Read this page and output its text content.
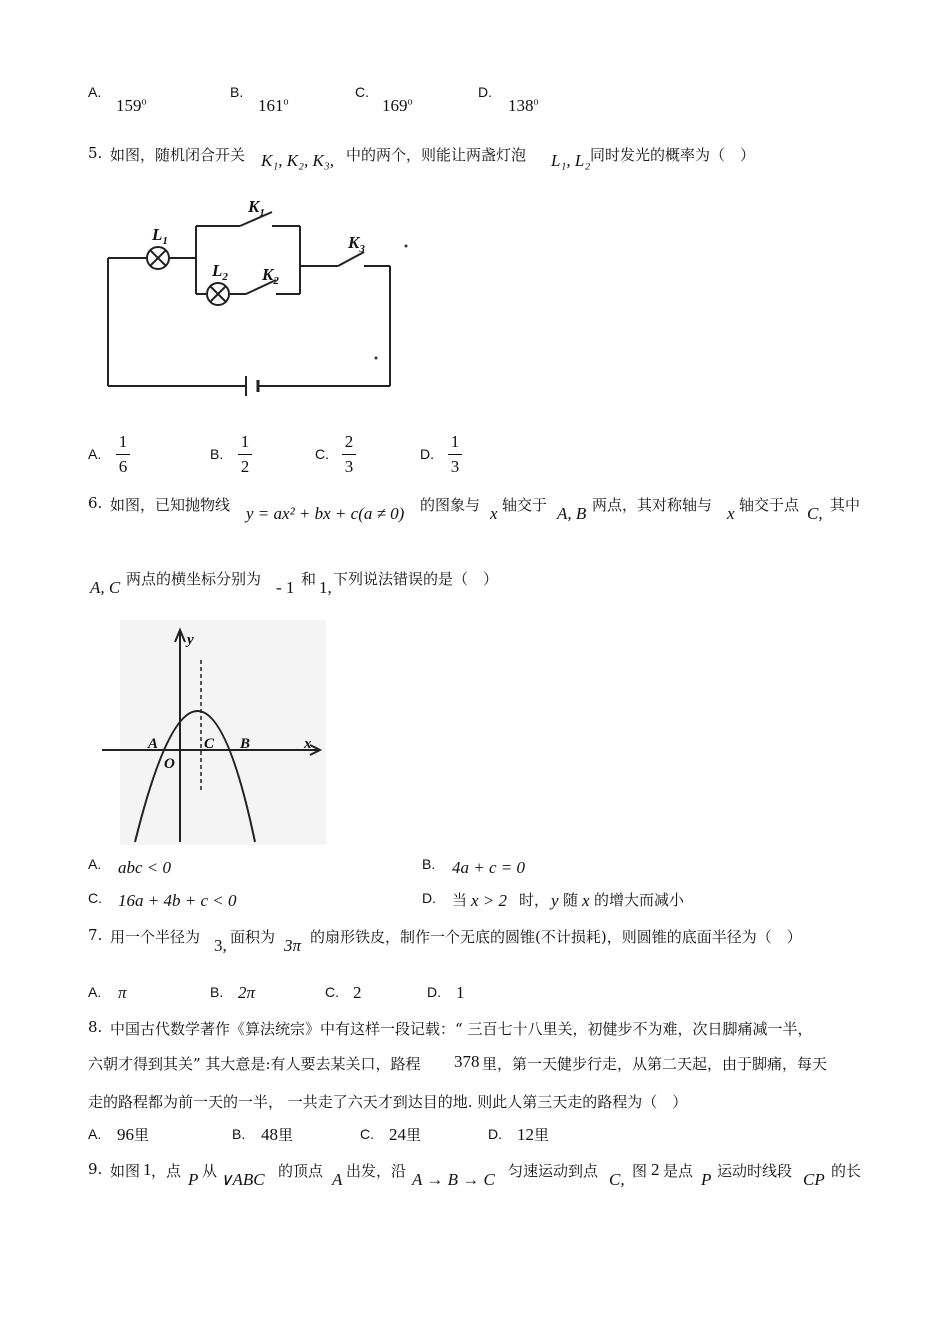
A.
159$^o$
B.
161$^o$
C.
169$^o$
D.
138$^o$
5. 如图，随机闭合开关 K₁, K₂, K₃, 中的两个，则能让两盏灯泡 L₁, L₂ 同时发光的概率为（　）
$K_1$
$K_2$
$K_3$
$L_1$
$L_2$
A.
1
6
B.
1
2
C.
2
3
D.
1
3
6. 如图，已知抛物线 y = ax² + bx + c(a ≠ 0) 的图象与 x 轴交于 A, B 两点，其对称轴与 x 轴交于点 C, 其中
A, C 两点的横坐标分别为 - 1 和 1, 下列说法错误的是（　）
y
x
A	C B
O
A. abc < 0	B. 4a + c = 0
C. 16a + 4b + c < 0	D. 当 x > 2 时， y 随 x 的增大而减小
7. 用一个半径为 3, 面积为 3π 的扇形铁皮，制作一个无底的圆锥(不计损耗)，则圆锥的底面半径为（　）
A. π	B. 2π	C. 2	D. 1
8. 中国古代数学著作《算法统宗》中有这样一段记载：“ 三百七十八里关，初健步不为难，次日脚痛减一半，
六朝才得到其关” 其大意是:有人要去某关口，路程 378 里，第一天健步行走，从第二天起，由于脚痛，每天
走的路程都为前一天的一半， 一共走了六天才到达目的地. 则此人第三天走的路程为（　）
A. 96里	B. 48里	C. 24里	D. 12里
9. 如图 1 ，点 P 从 ∨ABC 的顶点 A 出发，沿 A → B → C 匀速运动到点 C, 图 2 是点 P 运动时线段 CP 的长
